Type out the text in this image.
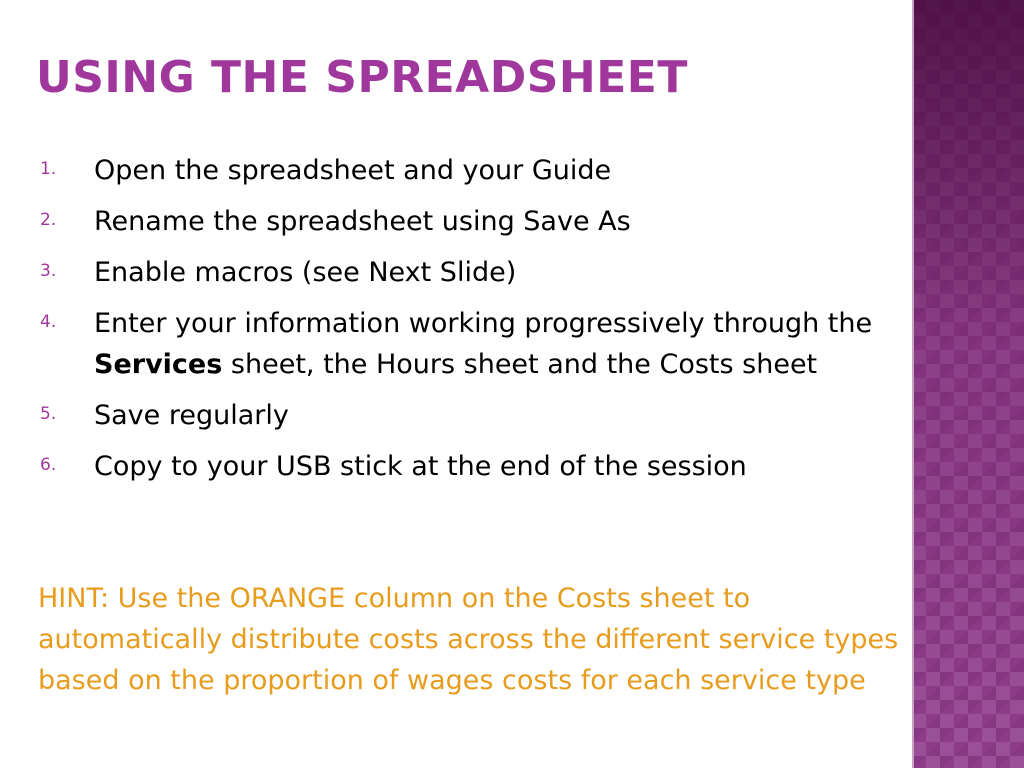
USING THE SPREADSHEET
1.	Open the spreadsheet and your Guide
2.	Rename the spreadsheet using Save As
3.	Enable macros (see Next Slide)
4.	Enter your information working progressively through the Services sheet, the Hours sheet and the Costs sheet
5.	Save regularly
6.	Copy to your USB stick at the end of the session

HINT: Use the ORANGE column on the Costs sheet to automatically distribute costs across the different service types based on the proportion of wages costs for each service type
